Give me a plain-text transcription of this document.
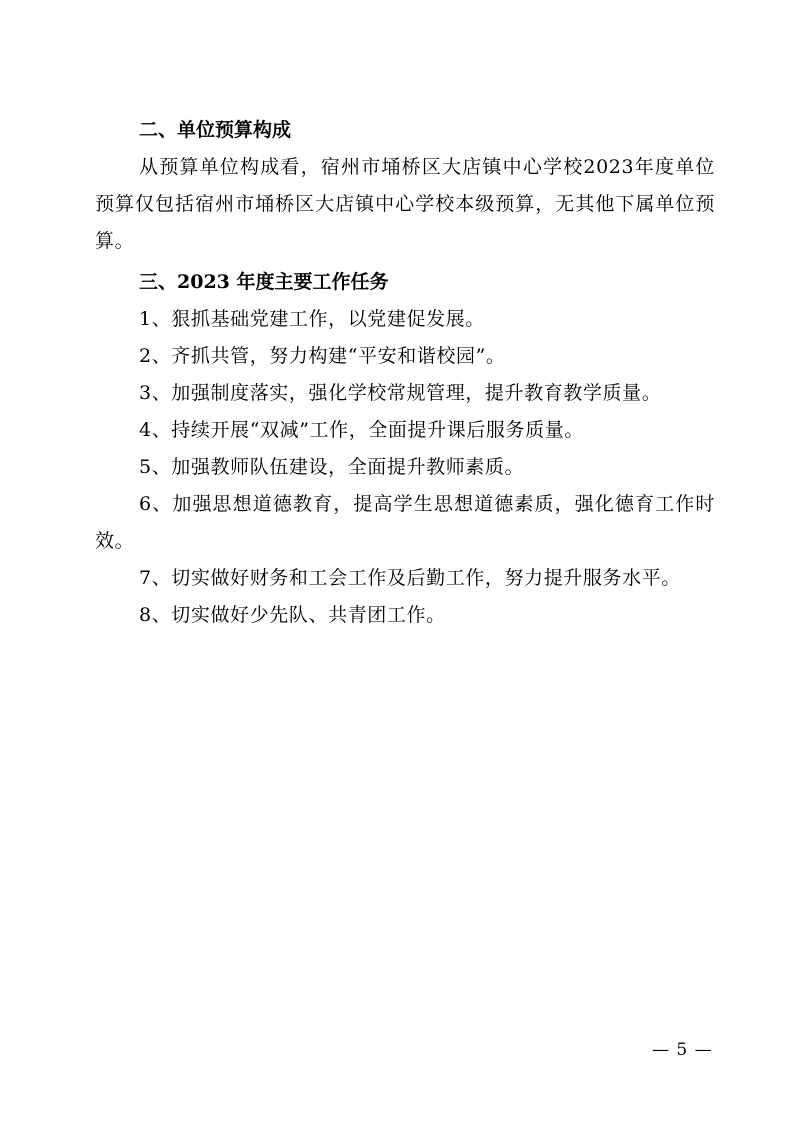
二、单位预算构成

从预算单位构成看，宿州市埇桥区大店镇中心学校2023年度单位预算仅包括宿州市埇桥区大店镇中心学校本级预算，无其他下属单位预算。

三、2023 年度主要工作任务

1、狠抓基础党建工作，以党建促发展。

2、齐抓共管，努力构建“平安和谐校园”。

3、加强制度落实，强化学校常规管理，提升教育教学质量。

4、持续开展“双减”工作，全面提升课后服务质量。

5、加强教师队伍建设，全面提升教师素质。

6、加强思想道德教育，提高学生思想道德素质，强化德育工作时效。

7、切实做好财务和工会工作及后勤工作，努力提升服务水平。

8、切实做好少先队、共青团工作。

— 5 —
